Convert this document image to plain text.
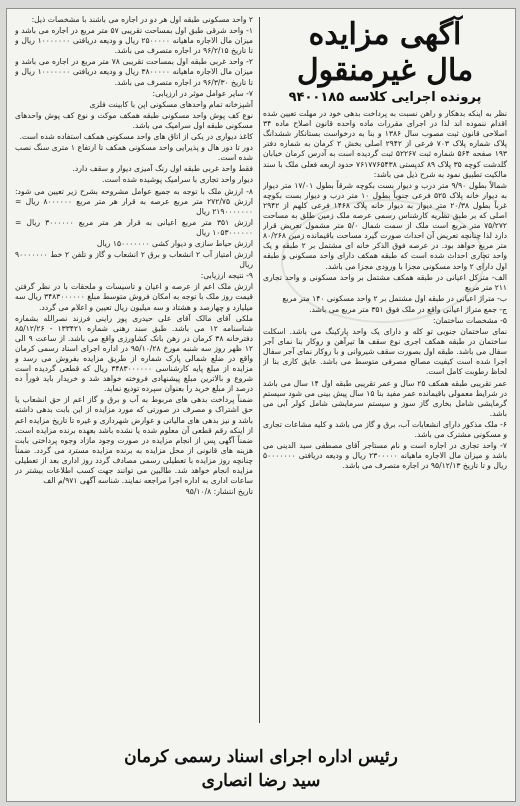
آگهی مزایده
مال غیرمنقول
پرونده اجرایی کلاسه ۹۴۰۰۱۸۵

نظر به اینکه بدهکار و راهن نسبت به پرداخت بدهی خود در مهلت تعیین شده اقدام ننموده اند لذا در اجرای مقررات ماده واحده قانون اصلاح ماده ۳۴ اصلاحی قانون ثبت مصوب سال ۱۳۸۶ و بنا به درخواست بستانکار ششدانگ پلاک شماره پلاک ۷۰۳ فرعی از ۲۹۴۲ اصلی بخش ۲ کرمان به شماره دفتر ۱۹۳ صفحه ۵۶۴ شماره ثبت ۵۲۲۶۷ ثبت گردیده است به آدرس کرمان خیابان گلدشت کوچه ۳۵ پلاک ۸۹ کدپستی ۷۶۱۷۷۶۵۴۳۸ حدود اربعه فعلی ملک با سند مالکیت تطبیق نمود به شرح ذیل می باشد:

شمالاً بطول ۹/۹۰ متر درب و دیوار بست بکوچه شرقاً بطول ۱۷/۰۱ متر دیوار به دیوار خانه پلاک ۵۲۵ فرعی جنوباً بطول ۱۰ متر درب و دیوار بست بکوچه غرباً بطول ۲۰/۳۸ متر دیوار به دیوار خانه پلاک ۱۴۶۸ فرعی کلهم از ۲۹۴۲ اصلی که بر طبق نظریه کارشناس رسمی عرصه ملک زمین طلق به مساحت ۷۵/۲۷۲ متر مربع است ملک از سمت شمال ۵/۰ متر مشمول تعریض قرار دارد لذا چنانچه تعریض آن احداث صورت گیرد مساحت باقیمانده زمین ۸۰/۲۶۸ متر مربع خواهد بود. در عرصه فوق الذکر خانه ای مشتمل بر ۲ طبقه و یک واحد تجاری احداث شده است که طبقه همکف دارای واحد مسکونی و طبقه اول دارای ۲ واحد مسکونی مجزا با ورودی مجزا می باشد.

الف- مترکل اعیانی در طبقه همکف مشتمل بر واحد مسکونی و واحد تجاری ۲۱۱ متر مربع

ب- متراژ اعیانی در طبقه اول مشتمل بر ۲ واحد مسکونی ۱۴۰ متر مربع

ج- جمع متراژ اعیانی واقع در ملک فوق ۳۵۱ متر مربع می باشد.

۵- مشخصات ساختمان:

نمای ساختمان جنوبی تو کله و دارای یک واحد پارکینگ می باشد. اسکلت ساختمان در طبقه همکف اجری نوع سقف ها تیرآهن و روکار بنا نمای آجر سفال می باشد. طبقه اول بصورت سقف شیروانی و با روکار نمای آجر سفال اجرا شده است کیفیت مصالح مصرفی متوسط می باشد. عایق کاری بنا از لحاظ رطوبت کامل است.

عمر تقریبی طبقه همکف ۲۵ سال و عمر تقریبی طبقه اول ۱۴ سال می باشد در شرایط معمولی باقیمانده عمر مفید بنا ۱۵ سال پیش بینی می شود سیستم گرمایشی شامل بخاری گاز سوز و سیستم سرمایشی شامل کولر آبی می باشد.

۶- ملک مذکور دارای انشعابات آب، برق و گاز می باشد و کلیه مشاعات تجاری و مسکونی مشترک می باشد.

۷- واحد تجاری در اجاره است و نام مستاجر آقای مصطفی سید الدینی می باشد و میزان مال الاجاره ماهیانه ۲۳۰۰۰۰۰ ریال و ودیعه دریافتی ۵۰۰۰۰۰۰۰ ریال و تا تاریخ ۹۵/۱۲/۱۳ در اجاره متصرف می باشد.

۲ واحد مسکونی طبقه اول هر دو در اجاره می باشند با مشخصات ذیل:

۱- واحد شرقی طبق اول بمساحت تقریبی ۵۷ متر مربع در اجاره می باشد و میزان مال الاجاره ماهیانه ۲۵۰۰۰۰۰ ریال و ودیعه دریافتی ۱۰۰۰۰۰۰۰ ریال و تا تاریخ ۹۶/۲/۱۵ در اجاره متصرف می باشد.

۲- واحد غربی طبقه اول بمساحت تقریبی ۷۸ متر مربع در اجاره می باشد و میزان مال الاجاره ماهیانه ۳۸۰۰۰۰۰ ریال و ودیعه دریافتی ۱۰۰۰۰۰۰۰ ریال و تا تاریخ ۹۶/۳/۳۰ در اجاره متصرف می باشد.

۷- سایر عوامل موثر در ارزیابی:

آشپزخانه تمام واحدهای مسکونی اپن با کابینت فلزی

نوع کف پوش واحد مسکونی طبقه همکف موکت و نوع کف پوش واحدهای مسکونی طبقه اول سرامیک می باشد.

کاغذ دیواری در یکی از اتاق های واحد مسکونی همکف استفاده شده است.

دور تا دور هال و پذیرایی واحد مسکونی همکف تا ارتفاع ۱ متری سنگ نصب شده است.

فقط واحد غربی طبقه اول رنگ آمیزی دیوار و سقف دارد.

دیوار واحد تجاری با سرامیک پوشیده شده است.

۸- ارزش ملک با توجه به جمیع عوامل مشروحه بشرح زیر تعیین می شود: ارزش ۲۷۲/۷۵ متر مربع عرصه به قرار هر متر مربع ۸۰۰۰۰۰۰ ریال = ۲۱۹۰۰۰۰۰۰۰ ریال

ارزش ۳۵۱ متر مربع اعیانی به قرار هر متر مربع ۳۰۰۰۰۰۰ ریال = ۱۰۵۳۰۰۰۰۰۰ ریال

ارزش حیاط سازی و دیوار کشی ۱۵۰۰۰۰۰۰۰ ریال

ارزش امتیاز آب ۲ انشعاب و برق ۲ انشعاب و گاز و تلفن ۲ خط ۹۰۰۰۰۰۰۰ ریال

۹- نتیجه ارزیابی:

ارزش ملک اعم از عرصه و اعیان و تاسیسات و ملحقات با در نظر گرفتن قیمت روز ملک با توجه به امکان فروش متوسط مبلغ ۳۴۸۳۰۰۰۰۰۰ ریال سه میلیارد و چهارصد و هشتاد و سه میلیون ریال تعیین و اعلام می گردد.

ملکی آقای مالک آقای علی حیدری پور راینی فرزند نصرالله بشماره شناسنامه ۱۲ می باشد. طبق سند رهنی شماره ۱۳۳۴۲۱ - ۸۵/۱۲/۲۶ دفترخانه ۳۸ کرمان در رهن بانک کشاورزی واقع می باشد. از ساعت ۹ الی ۱۲ ظهر روز سه شنبه مورخ ۹۵/۱۰/۲۸ در اداره اجرای اسناد رسمی کرمان واقع در ضلع شمالی پارک شماره از طریق مزایده بفروش می رسد و مزایده از مبلغ پایه کارشناسی ۳۴۸۳۰۰۰۰۰۰ ریال که قطعی گردیده است شروع و بالاترین مبلغ پیشنهادی فروخته خواهد شد و خریدار باید فوراً ده درصد از مبلغ خرید را بعنوان سپرده تودیع نماید.

ضمناً پرداخت بدهی های مربوط به آب و برق و گاز اعم از حق انشعاب یا حق اشتراک و مصرف در صورتی که مورد مزایده از این بابت بدهی داشته باشد و نیز بدهی های مالیاتی و عوارض شهرداری و غیره تا تاریخ مزایده اعم از اینکه رقم قطعی آن معلوم شده یا نشده باشد بعهده برنده مزایده است. ضمناً آگهی پس از انجام مزایده در صورت وجود مازاد وجوه پرداختی بابت هزینه های قانونی از محل مزایده به برنده مزایده مسترد می گردد. ضمناً چنانچه روز مزایده با تعطیلی رسمی مصادف گردد روز اداری بعد از تعطیلی مزایده انجام خواهد شد. طالبین می توانند جهت کسب اطلاعات بیشتر در ساعات اداری به اداره اجرا مراجعه نمایند. شناسه آگهی ۹۷۱/م الف

تاریخ انتشار: ۹۵/۱۰/۸

رئیس اداره اجرای اسناد رسمی کرمان
سید رضا انصاری
